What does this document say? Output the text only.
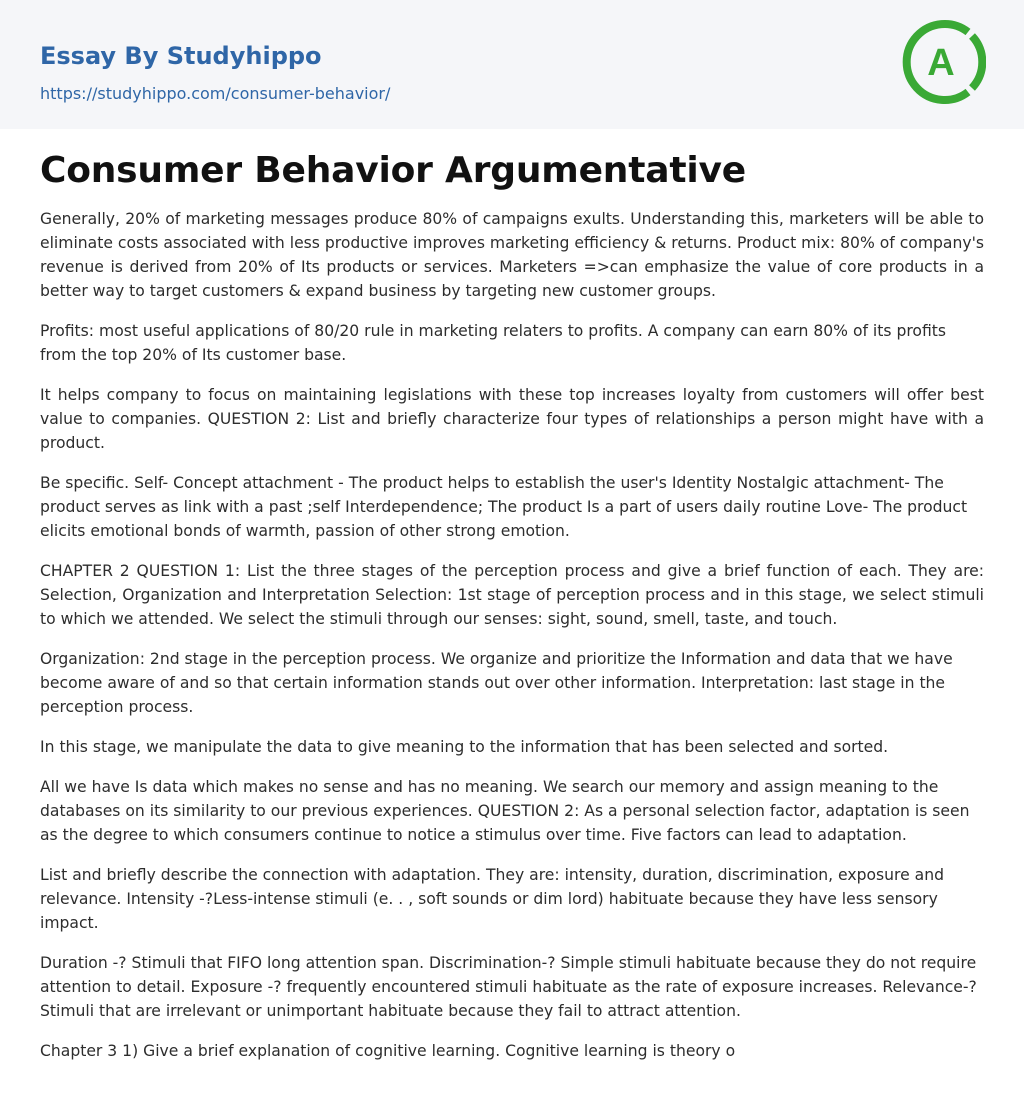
Essay By Studyhippo
https://studyhippo.com/consumer-behavior/
A
Consumer Behavior Argumentative

Generally, 20% of marketing messages produce 80% of campaigns exults. Understanding this, marketers will be able to eliminate costs associated with less productive improves marketing efficiency & returns. Product mix: 80% of company's revenue is derived from 20% of Its products or services. Marketers =>can emphasize the value of core products in a better way to target customers & expand business by targeting new customer groups.

Profits: most useful applications of 80/20 rule in marketing relaters to profits. A company can earn 80% of its profits from the top 20% of Its customer base.

It helps company to focus on maintaining legislations with these top increases loyalty from customers will offer best value to companies. QUESTION 2: List and briefly characterize four types of relationships a person might have with a product.

Be specific. Self- Concept attachment - The product helps to establish the user's Identity Nostalgic attachment- The product serves as link with a past ;self Interdependence; The product Is a part of users daily routine Love- The product elicits emotional bonds of warmth, passion of other strong emotion.

CHAPTER 2 QUESTION 1: List the three stages of the perception process and give a brief function of each. They are: Selection, Organization and Interpretation Selection: 1st stage of perception process and in this stage, we select stimuli to which we attended. We select the stimuli through our senses: sight, sound, smell, taste, and touch.

Organization: 2nd stage in the perception process. We organize and prioritize the Information and data that we have become aware of and so that certain information stands out over other information. Interpretation: last stage in the perception process.

In this stage, we manipulate the data to give meaning to the information that has been selected and sorted.

All we have Is data which makes no sense and has no meaning. We search our memory and assign meaning to the databases on its similarity to our previous experiences. QUESTION 2: As a personal selection factor, adaptation is seen as the degree to which consumers continue to notice a stimulus over time. Five factors can lead to adaptation.

List and briefly describe the connection with adaptation. They are: intensity, duration, discrimination, exposure and relevance. Intensity -?Less-intense stimuli (e. . , soft sounds or dim lord) habituate because they have less sensory impact.

Duration -? Stimuli that FIFO long attention span. Discrimination-? Simple stimuli habituate because they do not require attention to detail. Exposure -? frequently encountered stimuli habituate as the rate of exposure increases. Relevance-? Stimuli that are irrelevant or unimportant habituate because they fail to attract attention.

Chapter 3 1) Give a brief explanation of cognitive learning. Cognitive learning is theory o
